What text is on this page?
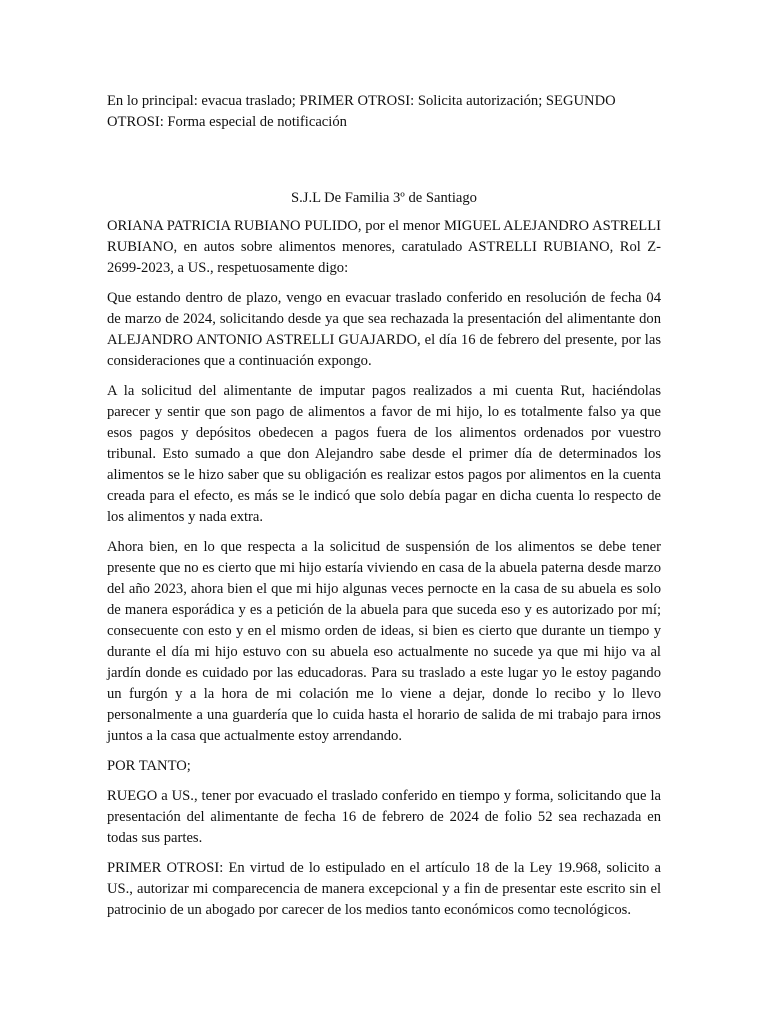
En lo principal: evacua traslado; PRIMER OTROSI: Solicita autorización; SEGUNDO OTROSI: Forma especial de notificación

S.J.L De Familia 3º de Santiago

ORIANA PATRICIA RUBIANO PULIDO, por el menor MIGUEL ALEJANDRO ASTRELLI RUBIANO, en autos sobre alimentos menores, caratulado ASTRELLI RUBIANO, Rol Z-2699-2023, a US., respetuosamente digo:

Que estando dentro de plazo, vengo en evacuar traslado conferido en resolución de fecha 04 de marzo de 2024, solicitando desde ya que sea rechazada la presentación del alimentante don ALEJANDRO ANTONIO ASTRELLI GUAJARDO, el día 16 de febrero del presente, por las consideraciones que a continuación expongo.

A la solicitud del alimentante de imputar pagos realizados a mi cuenta Rut, haciéndolas parecer y sentir que son pago de alimentos a favor de mi hijo, lo es totalmente falso ya que esos pagos y depósitos obedecen a pagos fuera de los alimentos ordenados por vuestro tribunal. Esto sumado a que don Alejandro sabe desde el primer día de determinados los alimentos se le hizo saber que su obligación es realizar estos pagos por alimentos en la cuenta creada para el efecto, es más se le indicó que solo debía pagar en dicha cuenta lo respecto de los alimentos y nada extra.

Ahora bien, en lo que respecta a la solicitud de suspensión de los alimentos se debe tener presente que no es cierto que mi hijo estaría viviendo en casa de la abuela paterna desde marzo del año 2023, ahora bien el que mi hijo algunas veces pernocte en la casa de su abuela es solo de manera esporádica y es a petición de la abuela para que suceda eso y es autorizado por mí; consecuente con esto y en el mismo orden de ideas, si bien es cierto que durante un tiempo y durante el día mi hijo estuvo con su abuela eso actualmente no sucede ya que mi hijo va al jardín donde es cuidado por las educadoras. Para su traslado a este lugar yo le estoy pagando un furgón y a la hora de mi colación me lo viene a dejar, donde lo recibo y lo llevo personalmente a una guardería que lo cuida hasta el horario de salida de mi trabajo para irnos juntos a la casa que actualmente estoy arrendando.

POR TANTO;

RUEGO a US., tener por evacuado el traslado conferido en tiempo y forma, solicitando que la presentación del alimentante de fecha 16 de febrero de 2024 de folio 52 sea rechazada en todas sus partes.

PRIMER OTROSI: En virtud de lo estipulado en el artículo 18 de la Ley 19.968, solicito a US., autorizar mi comparecencia de manera excepcional y a fin de presentar este escrito sin el patrocinio de un abogado por carecer de los medios tanto económicos como tecnológicos.
